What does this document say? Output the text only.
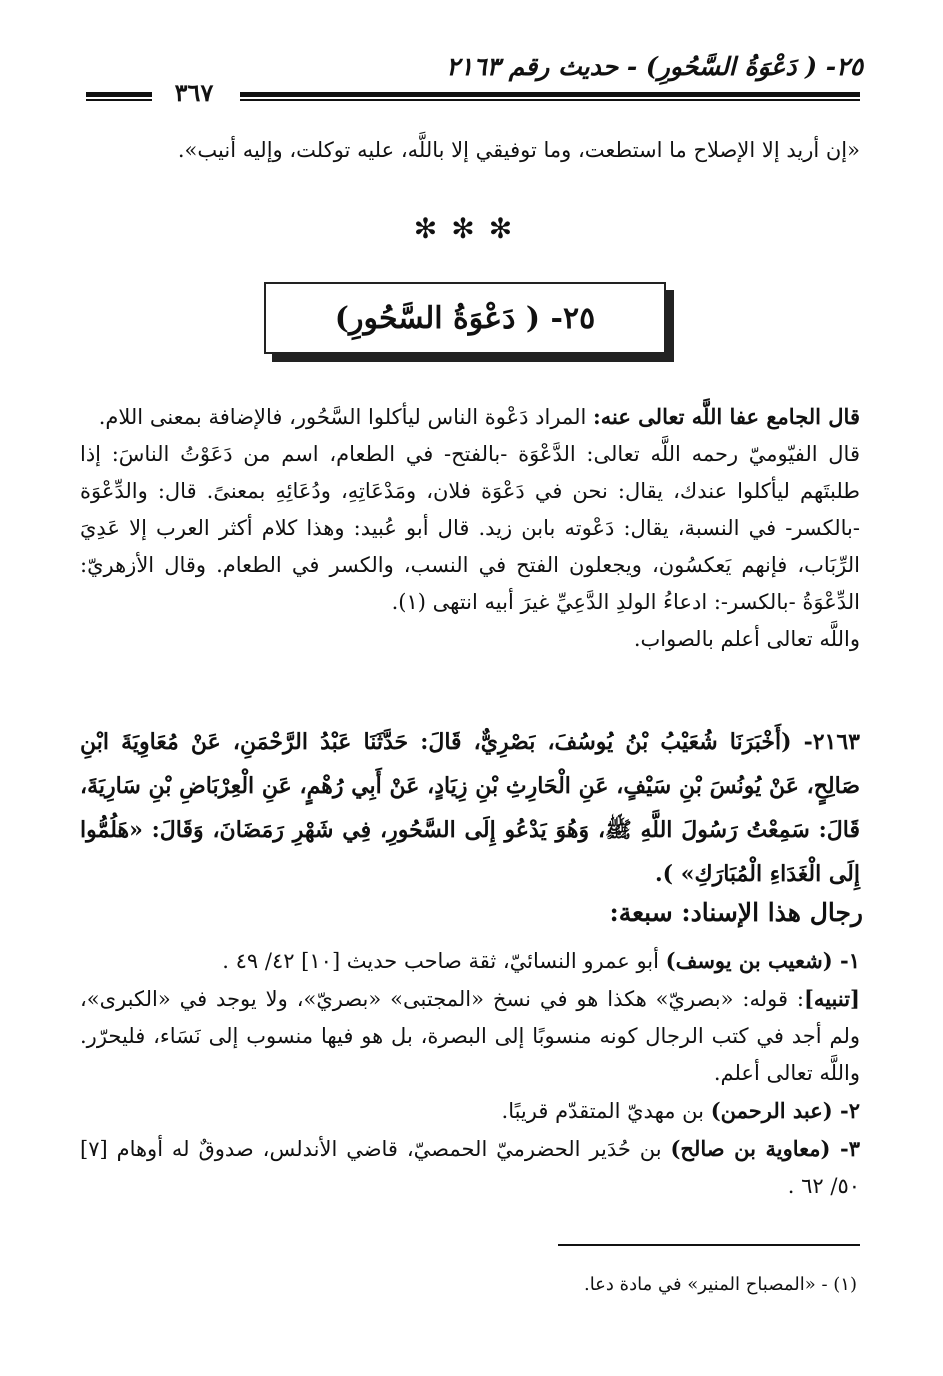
٢٥- ( دَعْوَةُ السَّحُورِ) - حديث رقم ٢١٦٣
٣٦٧
«إن أريد إلا الإصلاح ما استطعت، وما توفيقي إلا باللَّه، عليه توكلت، وإليه أنيب».
✻✻✻
٢٥- ( دَعْوَةُ السَّحُورِ)
قال الجامع عفا اللَّه تعالى عنه: المراد دَعْوة الناس ليأكلوا السَّحُور، فالإضافة بمعنى اللام.
قال الفيّوميّ رحمه اللَّه تعالى: الدَّعْوَة -بالفتح- في الطعام، اسم من دَعَوْتُ الناسَ: إذا طلبتَهم ليأكلوا عندك، يقال: نحن في دَعْوَة فلان، ومَدْعَاتِهِ، ودُعَائِهِ بمعنىً. قال: والدِّعْوَة -بالكسر- في النسبة، يقال: دَعْوته بابن زيد. قال أبو عُبيد: وهذا كلام أكثر العرب إلا عَدِيَ الرِّبَاب، فإنهم يَعكسُون، ويجعلون الفتح في النسب، والكسر في الطعام. وقال الأزهريّ: الدِّعْوَةُ -بالكسر-: ادعاءُ الولدِ الدَّعِيِّ غيرَ أبيه انتهى (١).
واللَّه تعالى أعلم بالصواب.
٢١٦٣- (أَخْبَرَنَا شُعَيْبُ بْنُ يُوسُفَ، بَصْرِيٌّ، قَالَ: حَدَّثَنَا عَبْدُ الرَّحْمَنِ، عَنْ مُعَاوِيَةَ ابْنِ صَالِحٍ، عَنْ يُونُسَ بْنِ سَيْفٍ، عَنِ الْحَارِثِ بْنِ زِيَادٍ، عَنْ أَبِي رُهْمٍ، عَنِ الْعِرْبَاضِ بْنِ سَارِيَةَ، قَالَ: سَمِعْتُ رَسُولَ اللَّهِ ﷺ، وَهُوَ يَدْعُو إِلَى السَّحُورِ، فِي شَهْرِ رَمَضَانَ، وَقَالَ: «هَلُمُّوا إِلَى الْغَدَاءِ الْمُبَارَكِ» ).
رجال هذا الإسناد: سبعة:
١- (شعيب بن يوسف) أبو عمرو النسائيّ، ثقة صاحب حديث [١٠] ٤٢/ ٤٩ .
[تنبيه]: قوله: «بصريّ» هكذا هو في نسخ «المجتبى» «بصريّ»، ولا يوجد في «الكبرى»، ولم أجد في كتب الرجال كونه منسوبًا إلى البصرة، بل هو فيها منسوب إلى نَسَاء، فليحرّر. واللَّه تعالى أعلم.
٢- (عبد الرحمن) بن مهديّ المتقدّم قريبًا.
٣- (معاوية بن صالح) بن حُدَير الحضرميّ الحمصيّ، قاضي الأندلس، صدوقٌ له أوهام [٧] ٥٠/ ٦٢ .
(١) - «المصباح المنير» في مادة دعا.
